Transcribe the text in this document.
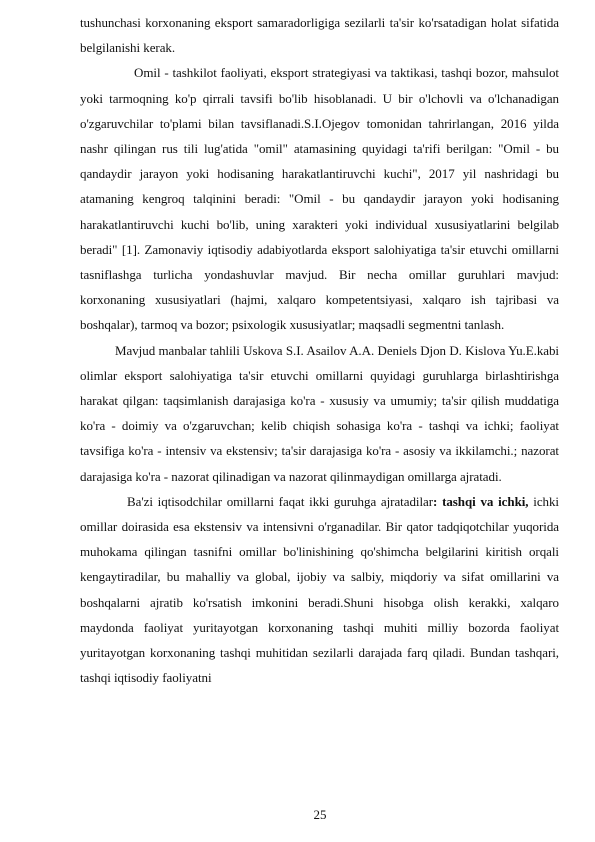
tushunchasi korxonaning eksport samaradorligiga sezilarli ta'sir ko'rsatadigan holat sifatida belgilanishi kerak.

Omil - tashkilot faoliyati, eksport strategiyasi va taktikasi, tashqi bozor, mahsulot yoki tarmoqning ko'p qirrali tavsifi bo'lib hisoblanadi. U bir o'lchovli va o'lchanadigan o'zgaruvchilar to'plami bilan tavsiflanadi.S.I.Ojegov tomonidan tahrirlangan, 2016 yilda nashr qilingan rus tili lug'atida "omil" atamasining quyidagi ta'rifi berilgan: "Omil - bu qandaydir jarayon yoki hodisaning harakatlantiruvchi kuchi", 2017 yil nashridagi bu atamaning kengroq talqinini beradi: "Omil - bu qandaydir jarayon yoki hodisaning harakatlantiruvchi kuchi bo'lib, uning xarakteri yoki individual xususiyatlarini belgilab beradi" [1]. Zamonaviy iqtisodiy adabiyotlarda eksport salohiyatiga ta'sir etuvchi omillarni tasniflashga turlicha yondashuvlar mavjud. Bir necha omillar guruhlari mavjud: korxonaning xususiyatlari (hajmi, xalqaro kompetentsiyasi, xalqaro ish tajribasi va boshqalar), tarmoq va bozor; psixologik xususiyatlar; maqsadli segmentni tanlash.

Mavjud manbalar tahlili Uskova S.I. Asailov A.A. Deniels Djon D. Kislova Yu.E.kabi olimlar eksport salohiyatiga ta'sir etuvchi omillarni quyidagi guruhlarga birlashtirishga harakat qilgan: taqsimlanish darajasiga ko'ra - xususiy va umumiy; ta'sir qilish muddatiga ko'ra - doimiy va o'zgaruvchan; kelib chiqish sohasiga ko'ra - tashqi va ichki; faoliyat tavsifiga ko'ra - intensiv va ekstensiv; ta'sir darajasiga ko'ra - asosiy va ikkilamchi.; nazorat darajasiga ko'ra - nazorat qilinadigan va nazorat qilinmaydigan omillarga ajratadi.

Ba'zi iqtisodchilar omillarni faqat ikki guruhga ajratadilar: tashqi va ichki, ichki omillar doirasida esa ekstensiv va intensivni o'rganadilar. Bir qator tadqiqotchilar yuqorida muhokama qilingan tasnifni omillar bo'linishining qo'shimcha belgilarini kiritish orqali kengaytiradilar, bu mahalliy va global, ijobiy va salbiy, miqdoriy va sifat omillarini va boshqalarni ajratib ko'rsatish imkonini beradi.Shuni hisobga olish kerakki, xalqaro maydonda faoliyat yuritayotgan korxonaning tashqi muhiti milliy bozorda faoliyat yuritayotgan korxonaning tashqi muhitidan sezilarli darajada farq qiladi. Bundan tashqari, tashqi iqtisodiy faoliyatni

25
